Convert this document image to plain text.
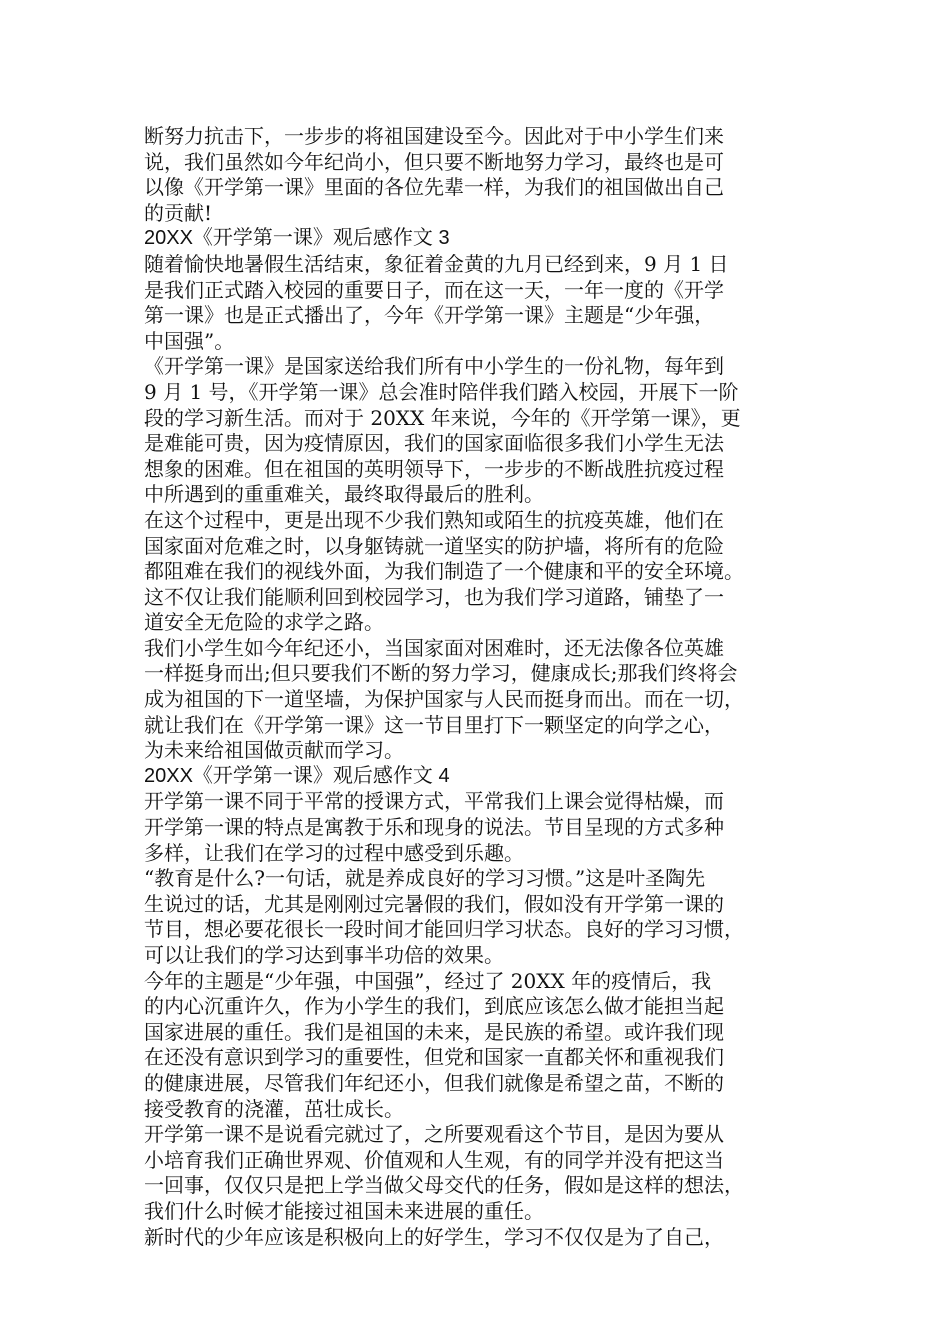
断努力抗击下，一步步的将祖国建设至今。因此对于中小学生们来
说，我们虽然如今年纪尚小，但只要不断地努力学习，最终也是可
以像《开学第一课》里面的各位先辈一样，为我们的祖国做出自己
的贡献!

20XX《开学第一课》观后感作文 3

随着愉快地暑假生活结束，象征着金黄的九月已经到来，9 月 1 日
是我们正式踏入校园的重要日子，而在这一天，一年一度的《开学
第一课》也是正式播出了，今年《开学第一课》主题是“少年强，
中国强”。

《开学第一课》是国家送给我们所有中小学生的一份礼物，每年到
9 月 1 号，《开学第一课》总会准时陪伴我们踏入校园，开展下一阶
段的学习新生活。而对于 20XX 年来说，今年的《开学第一课》，更
是难能可贵，因为疫情原因，我们的国家面临很多我们小学生无法
想象的困难。但在祖国的英明领导下，一步步的不断战胜抗疫过程
中所遇到的重重难关，最终取得最后的胜利。

在这个过程中，更是出现不少我们熟知或陌生的抗疫英雄，他们在
国家面对危难之时，以身躯铸就一道坚实的防护墙，将所有的危险
都阻难在我们的视线外面，为我们制造了一个健康和平的安全环境。
这不仅让我们能顺利回到校园学习，也为我们学习道路，铺垫了一
道安全无危险的求学之路。

我们小学生如今年纪还小，当国家面对困难时，还无法像各位英雄
一样挺身而出;但只要我们不断的努力学习，健康成长;那我们终将会
成为祖国的下一道坚墙，为保护国家与人民而挺身而出。而在一切，
就让我们在《开学第一课》这一节目里打下一颗坚定的向学之心，
为未来给祖国做贡献而学习。

20XX《开学第一课》观后感作文 4

开学第一课不同于平常的授课方式，平常我们上课会觉得枯燥，而
开学第一课的特点是寓教于乐和现身的说法。节目呈现的方式多种
多样，让我们在学习的过程中感受到乐趣。

“教育是什么?一句话，就是养成良好的学习习惯。”这是叶圣陶先
生说过的话，尤其是刚刚过完暑假的我们，假如没有开学第一课的
节目，想必要花很长一段时间才能回归学习状态。良好的学习习惯，
可以让我们的学习达到事半功倍的效果。

今年的主题是“少年强，中国强”，经过了 20XX 年的疫情后，我
的内心沉重许久，作为小学生的我们，到底应该怎么做才能担当起
国家进展的重任。我们是祖国的未来，是民族的希望。或许我们现
在还没有意识到学习的重要性，但党和国家一直都关怀和重视我们
的健康进展，尽管我们年纪还小，但我们就像是希望之苗，不断的
接受教育的浇灌，茁壮成长。

开学第一课不是说看完就过了，之所要观看这个节目，是因为要从
小培育我们正确世界观、价值观和人生观，有的同学并没有把这当
一回事，仅仅只是把上学当做父母交代的任务，假如是这样的想法，
我们什么时候才能接过祖国未来进展的重任。

新时代的少年应该是积极向上的好学生，学习不仅仅是为了自己，
